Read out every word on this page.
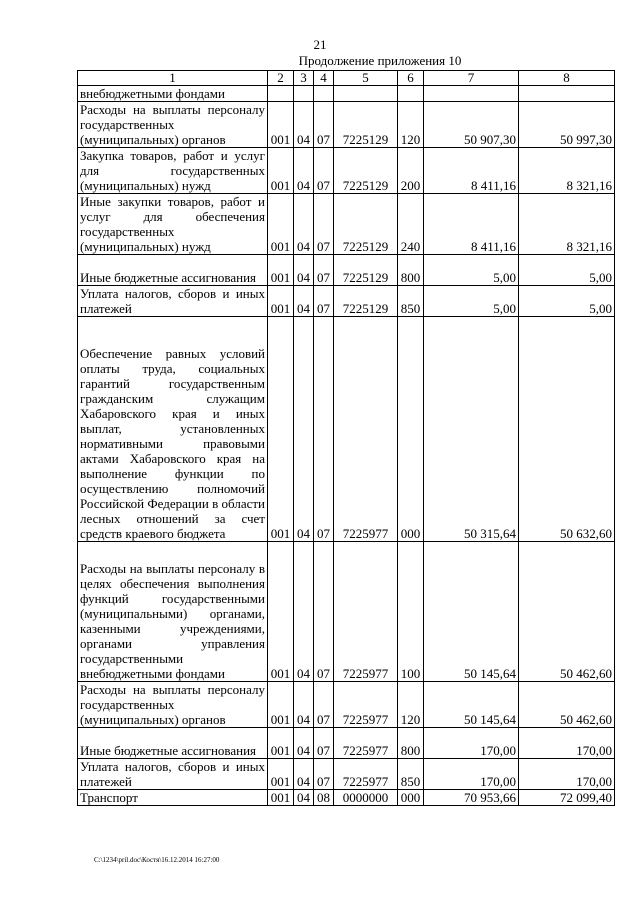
21
Продолжение приложения 10
1	2	3	4	5	6	7	8
внебюджетными фондами							
Расходы на выплаты персоналу государственных (муниципальных) органов	001	04	07	7225129	120	50 907,30	50 997,30
Закупка товаров, работ и услуг для государственных (муниципальных) нужд	001	04	07	7225129	200	8 411,16	8 321,16
Иные закупки товаров, работ и услуг для обеспечения государственных (муниципальных) нужд	001	04	07	7225129	240	8 411,16	8 321,16
Иные бюджетные ассигнования	001	04	07	7225129	800	5,00	5,00
Уплата налогов, сборов и иных платежей	001	04	07	7225129	850	5,00	5,00
Обеспечение равных условий оплаты труда, социальных гарантий государственным гражданским служащим Хабаровского края и иных выплат, установленных нормативными правовыми актами Хабаровского края на выполнение функции по осуществлению полномочий Российской Федерации в области лесных отношений за счет средств краевого бюджета	001	04	07	7225977	000	50 315,64	50 632,60
Расходы на выплаты персоналу в целях обеспечения выполнения функций государственными (муниципальными) органами, казенными учреждениями, органами управления государственными внебюджетными фондами	001	04	07	7225977	100	50 145,64	50 462,60
Расходы на выплаты персоналу государственных (муниципальных) органов	001	04	07	7225977	120	50 145,64	50 462,60
Иные бюджетные ассигнования	001	04	07	7225977	800	170,00	170,00
Уплата налогов, сборов и иных платежей	001	04	07	7225977	850	170,00	170,00
Транспорт	001	04	08	0000000	000	70 953,66	72 099,40
C:\1234\pril.doc\Костя\16.12.2014 16:27:00
